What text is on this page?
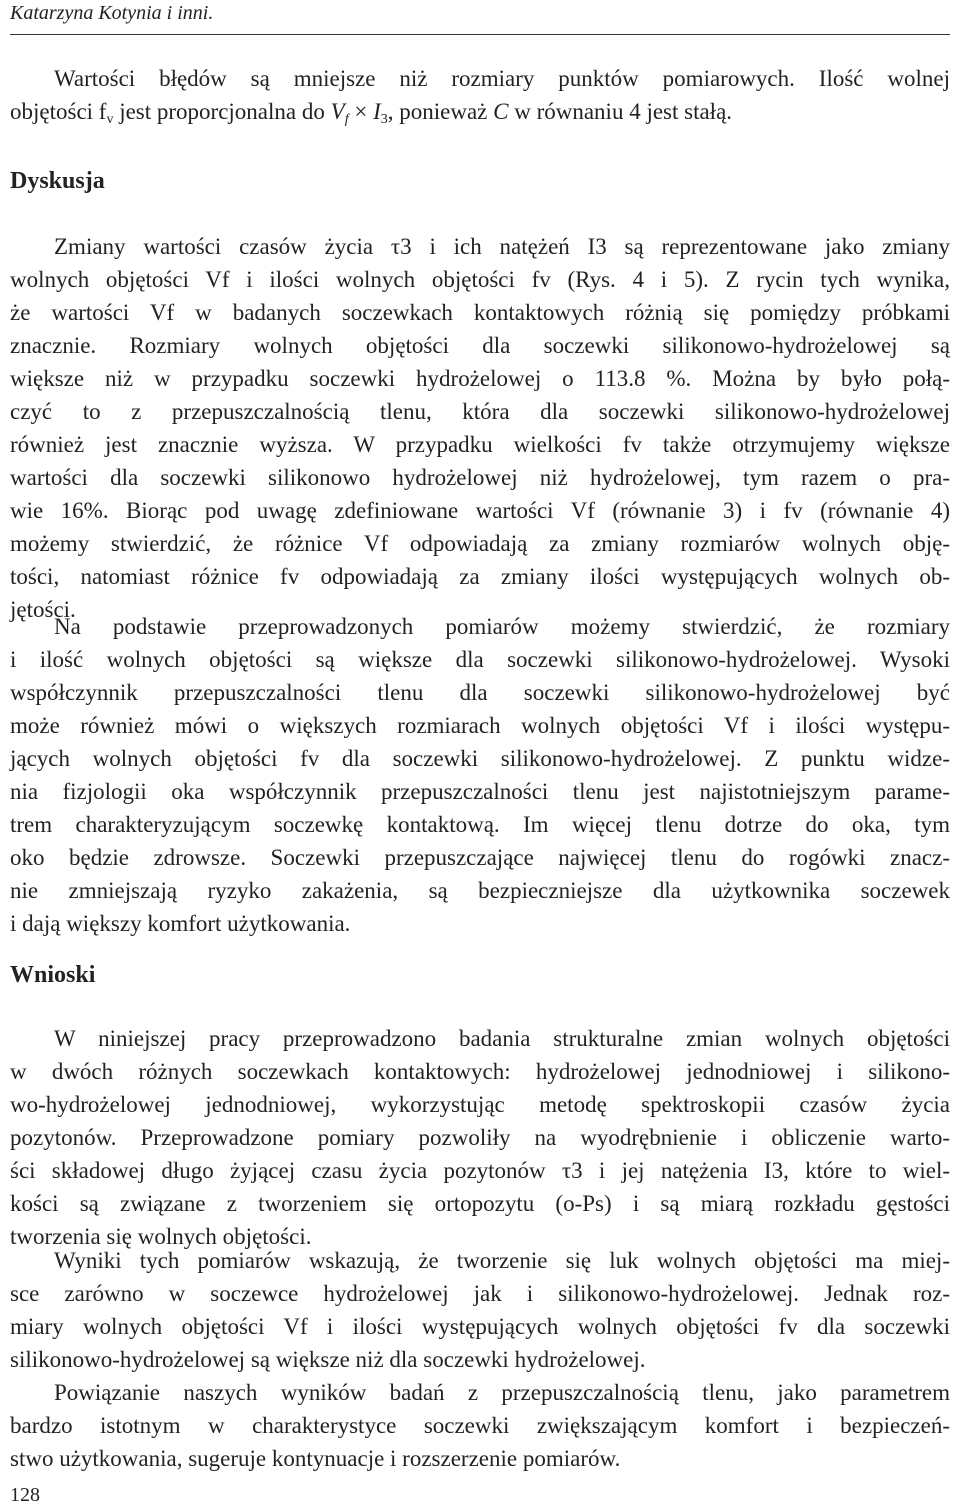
Katarzyna Kotynia i inni.
Wartości błędów są mniejsze niż rozmiary punktów pomiarowych. Ilość wolnej
objętości $f_v$ jest proporcjonalna do $V_f \times I_3$, ponieważ C w równaniu 4 jest stałą.
Dyskusja
Zmiany wartości czasów życia τ3 i ich natężeń I3 są reprezentowane jako zmiany
wolnych objętości Vf i ilości wolnych objętości fv (Rys. 4 i 5). Z rycin tych wynika,
że wartości Vf w badanych soczewkach kontaktowych różnią się pomiędzy próbkami
znacznie. Rozmiary wolnych objętości dla soczewki silikonowo-hydrożelowej są
większe niż w przypadku soczewki hydrożelowej o 113.8 %. Można by było połą-
czyć to z przepuszczalnością tlenu, która dla soczewki silikonowo-hydrożelowej
również jest znacznie wyższa. W przypadku wielkości fv także otrzymujemy większe
wartości dla soczewki silikonowo hydrożelowej niż hydrożelowej, tym razem o pra-
wie 16%. Biorąc pod uwagę zdefiniowane wartości Vf (równanie 3) i fv (równanie 4)
możemy stwierdzić, że różnice Vf odpowiadają za zmiany rozmiarów wolnych obję-
tości, natomiast różnice fv odpowiadają za zmiany ilości występujących wolnych ob-
jętości.
Na podstawie przeprowadzonych pomiarów możemy stwierdzić, że rozmiary
i ilość wolnych objętości są większe dla soczewki silikonowo-hydrożelowej. Wysoki
współczynnik przepuszczalności tlenu dla soczewki silikonowo-hydrożelowej być
może również mówi o większych rozmiarach wolnych objętości Vf i ilości występu-
jących wolnych objętości fv dla soczewki silikonowo-hydrożelowej. Z punktu widze-
nia fizjologii oka współczynnik przepuszczalności tlenu jest najistotniejszym parame-
trem charakteryzującym soczewkę kontaktową. Im więcej tlenu dotrze do oka, tym
oko będzie zdrowsze. Soczewki przepuszczające najwięcej tlenu do rogówki znacz-
nie zmniejszają ryzyko zakażenia, są bezpieczniejsze dla użytkownika soczewek
i dają większy komfort użytkowania.
Wnioski
W niniejszej pracy przeprowadzono badania strukturalne zmian wolnych objętości
w dwóch różnych soczewkach kontaktowych: hydrożelowej jednodniowej i silikono-
wo-hydrożelowej jednodniowej, wykorzystując metodę spektroskopii czasów życia
pozytonów. Przeprowadzone pomiary pozwoliły na wyodrębnienie i obliczenie warto-
ści składowej długo żyjącej czasu życia pozytonów τ3 i jej natężenia I3, które to wiel-
kości są związane z tworzeniem się ortopozytu (o-Ps) i są miarą rozkładu gęstości
tworzenia się wolnych objętości.
Wyniki tych pomiarów wskazują, że tworzenie się luk wolnych objętości ma miej-
sce zarówno w soczewce hydrożelowej jak i silikonowo-hydrożelowej. Jednak roz-
miary wolnych objętości Vf i ilości występujących wolnych objętości fv dla soczewki
silikonowo-hydrożelowej są większe niż dla soczewki hydrożelowej.
Powiązanie naszych wyników badań z przepuszczalnością tlenu, jako parametrem
bardzo istotnym w charakterystyce soczewki zwiększającym komfort i bezpieczeń-
stwo użytkowania, sugeruje kontynuacje i rozszerzenie pomiarów.
128
